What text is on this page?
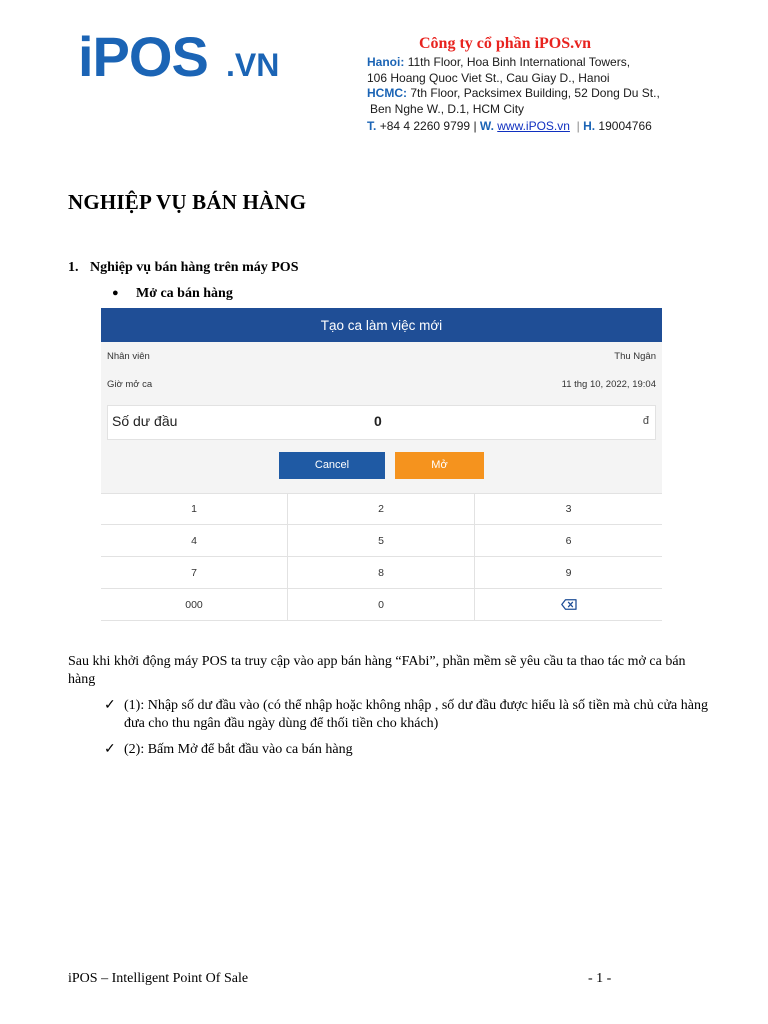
iPOS .VN
Công ty cổ phần iPOS.vn
Hanoi: 11th Floor, Hoa Binh International Towers,
106 Hoang Quoc Viet St., Cau Giay D., Hanoi
HCMC: 7th Floor, Packsimex Building, 52 Dong Du St.,
Ben Nghe W., D.1, HCM City
T. +84 4 2260 9799 | W. www.iPOS.vn | H. 19004766
NGHIỆP VỤ BÁN HÀNG
1. Nghiệp vụ bán hàng trên máy POS
● Mở ca bán hàng
Tạo ca làm việc mới
Nhân viên	Thu Ngân
Giờ mở ca	11 thg 10, 2022, 19:04
Số dư đầu	0	đ
Cancel	Mở
1	2	3
4	5	6
7	8	9
000	0
Sau khi khởi động máy POS ta truy cập vào app bán hàng “FAbi”, phần mềm sẽ yêu cầu ta thao tác mở ca bán hàng
✓ (1): Nhập số dư đầu vào (có thể nhập hoặc không nhập , số dư đầu được hiểu là số tiền mà chủ cửa hàng đưa cho thu ngân đầu ngày dùng để thối tiền cho khách)
✓ (2): Bấm Mở để bắt đầu vào ca bán hàng
iPOS – Intelligent Point Of Sale	- 1 -
